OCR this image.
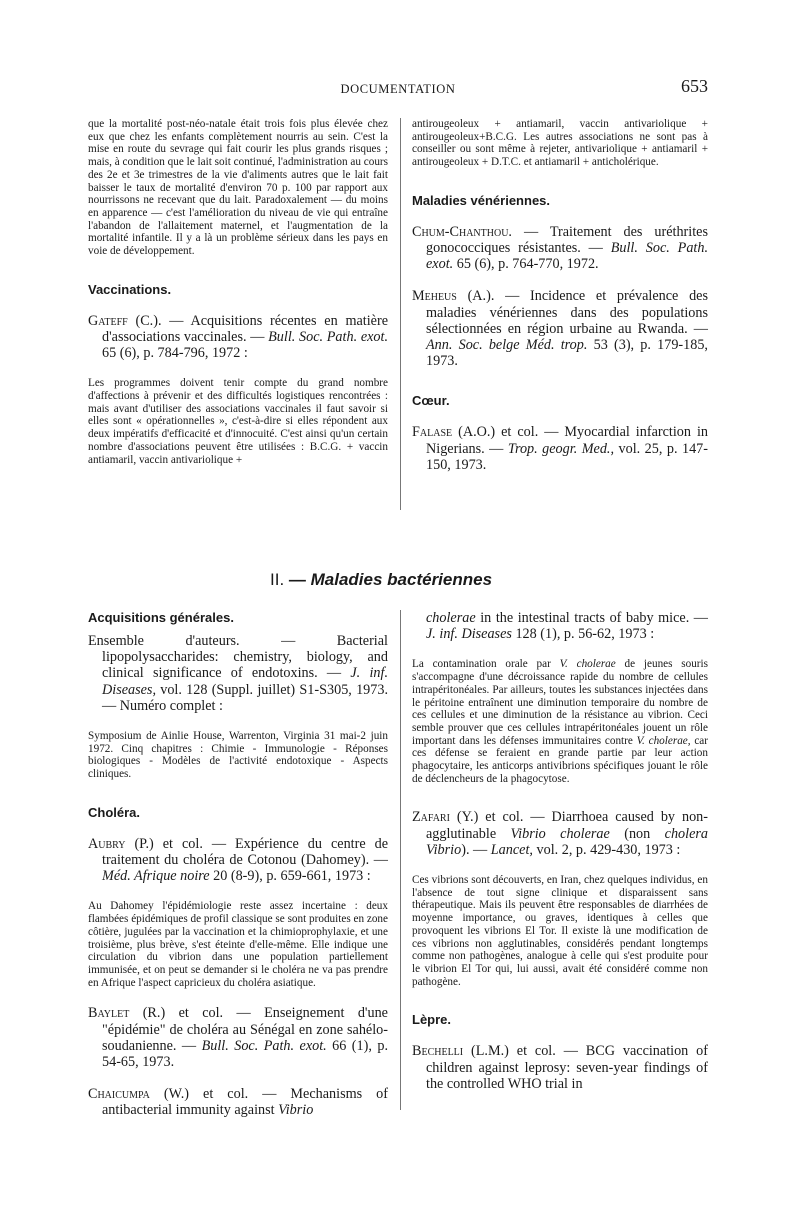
DOCUMENTATION	653

que la mortalité post-néo-natale était trois fois plus élevée chez eux que chez les enfants complètement nourris au sein. C'est la mise en route du sevrage qui fait courir les plus grands risques ; mais, à condition que le lait soit continué, l'administration au cours des 2e et 3e trimestres de la vie d'aliments autres que le lait fait baisser le taux de mortalité d'environ 70 p. 100 par rapport aux nourrissons ne recevant que du lait. Paradoxalement — du moins en apparence — c'est l'amélioration du niveau de vie qui entraîne l'abandon de l'allaitement maternel, et l'augmentation de la mortalité infantile. Il y a là un problème sérieux dans les pays en voie de développement.

Vaccinations.

Gateff (C.). — Acquisitions récentes en matière d'associations vaccinales. — Bull. Soc. Path. exot. 65 (6), p. 784-796, 1972 :

Les programmes doivent tenir compte du grand nombre d'affections à prévenir et des difficultés logistiques rencontrées : mais avant d'utiliser des associations vaccinales il faut savoir si elles sont « opérationnelles », c'est-à-dire si elles répondent aux deux impératifs d'efficacité et d'innocuité. C'est ainsi qu'un certain nombre d'associations peuvent être utilisées : B.C.G. + vaccin antiamaril, vaccin antivariolique +

antirougeoleux + antiamaril, vaccin antivariolique + antirougeoleux+B.C.G. Les autres associations ne sont pas à conseiller ou sont même à rejeter, antivariolique + antiamaril + antirougeoleux + D.T.C. et antiamaril + anticholérique.

Maladies vénériennes.

Chum-Chanthou. — Traitement des uréthrites gonococciques résistantes. — Bull. Soc. Path. exot. 65 (6), p. 764-770, 1972.

Meheus (A.). — Incidence et prévalence des maladies vénériennes dans des populations sélectionnées en région urbaine au Rwanda. — Ann. Soc. belge Méd. trop. 53 (3), p. 179-185, 1973.

Cœur.

Falase (A.O.) et col. — Myocardial infarction in Nigerians. — Trop. geogr. Med., vol. 25, p. 147-150, 1973.

II. — Maladies bactériennes

Acquisitions générales.

Ensemble d'auteurs. — Bacterial lipopolysaccharides: chemistry, biology, and clinical significance of endotoxins. — J. inf. Diseases, vol. 128 (Suppl. juillet) S1-S305, 1973. — Numéro complet :

Symposium de Ainlie House, Warrenton, Virginia 31 mai-2 juin 1972. Cinq chapitres : Chimie - Immunologie - Réponses biologiques - Modèles de l'activité endotoxique - Aspects cliniques.

Choléra.

Aubry (P.) et col. — Expérience du centre de traitement du choléra de Cotonou (Dahomey). — Méd. Afrique noire 20 (8-9), p. 659-661, 1973 :

Au Dahomey l'épidémiologie reste assez incertaine : deux flambées épidémiques de profil classique se sont produites en zone côtière, jugulées par la vaccination et la chimioprophylaxie, et une troisième, plus brève, s'est éteinte d'elle-même. Elle indique une circulation du vibrion dans une population partiellement immunisée, et on peut se demander si le choléra ne va pas prendre en Afrique l'aspect capricieux du choléra asiatique.

Baylet (R.) et col. — Enseignement d'une "épidémie" de choléra au Sénégal en zone sahélo-soudanienne. — Bull. Soc. Path. exot. 66 (1), p. 54-65, 1973.

Chaicumpa (W.) et col. — Mechanisms of antibacterial immunity against Vibrio

cholerae in the intestinal tracts of baby mice. — J. inf. Diseases 128 (1), p. 56-62, 1973 :

La contamination orale par V. cholerae de jeunes souris s'accompagne d'une décroissance rapide du nombre de cellules intrapéritonéales. Par ailleurs, toutes les substances injectées dans le péritoine entraînent une diminution temporaire du nombre de ces cellules et une diminution de la résistance au vibrion. Ceci semble prouver que ces cellules intrapéritonéales jouent un rôle important dans les défenses immunitaires contre V. cholerae, car ces défense se feraient en grande partie par leur action phagocytaire, les anticorps antivibrions spécifiques jouant le rôle de déclencheurs de la phagocytose.

Zafari (Y.) et col. — Diarrhoea caused by non-agglutinable Vibrio cholerae (non cholera Vibrio). — Lancet, vol. 2, p. 429-430, 1973 :

Ces vibrions sont découverts, en Iran, chez quelques individus, en l'absence de tout signe clinique et disparaissent sans thérapeutique. Mais ils peuvent être responsables de diarrhées de moyenne importance, ou graves, identiques à celles que provoquent les vibrions El Tor. Il existe là une modification de ces vibrions non agglutinables, considérés pendant longtemps comme non pathogènes, analogue à celle qui s'est produite pour le vibrion El Tor qui, lui aussi, avait été considéré comme non pathogène.

Lèpre.

Bechelli (L.M.) et col. — BCG vaccination of children against leprosy: seven-year findings of the controlled WHO trial in
